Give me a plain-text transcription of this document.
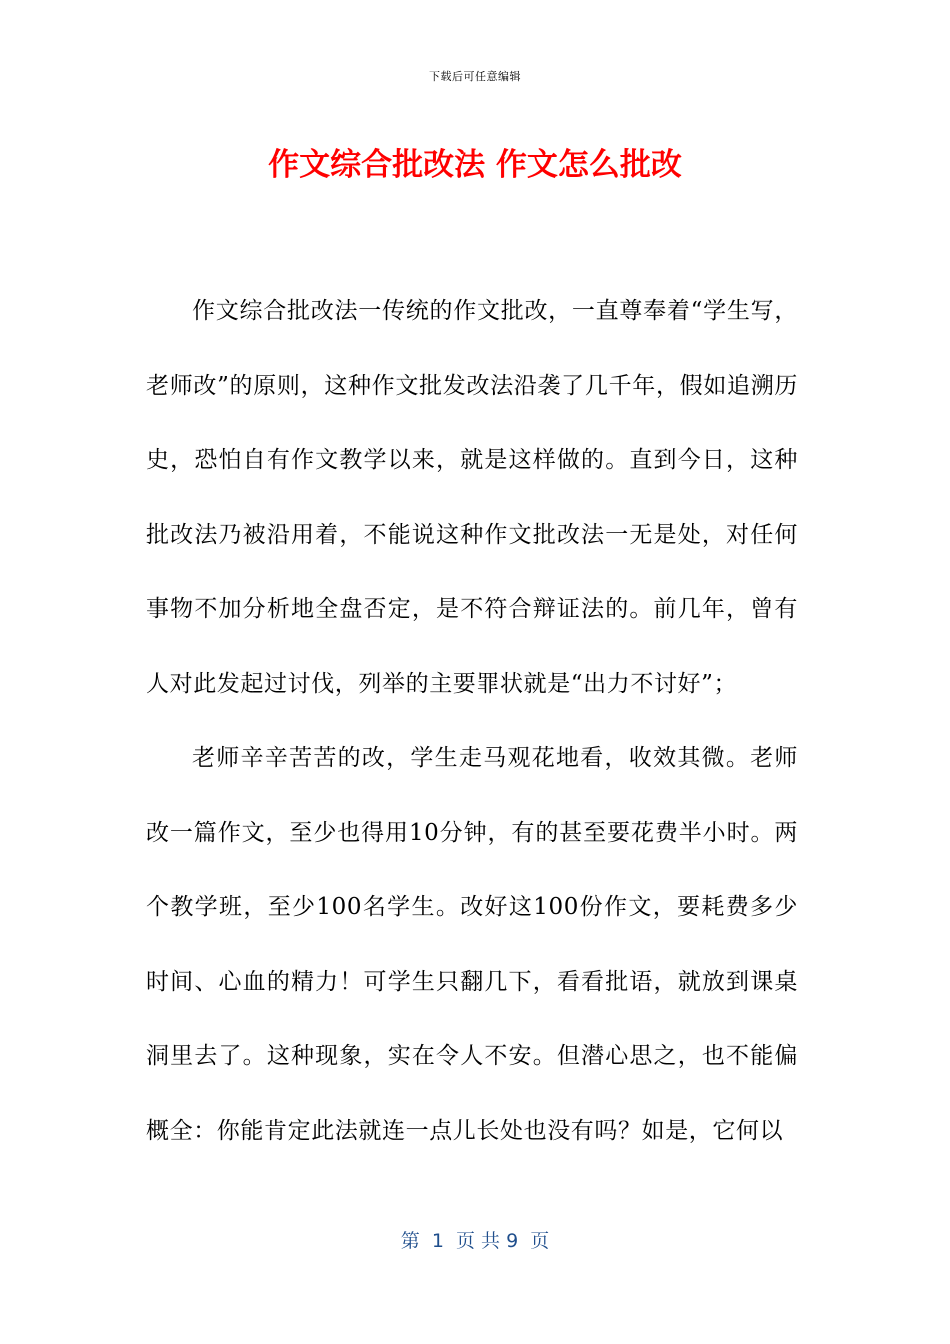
下载后可任意编辑
作文综合批改法 作文怎么批改

作文综合批改法一传统的作文批改，一直尊奉着“学生写，老师改”的原则，这种作文批发改法沿袭了几千年，假如追溯历史，恐怕自有作文教学以来，就是这样做的。直到今日，这种批改法乃被沿用着，不能说这种作文批改法一无是处，对任何事物不加分析地全盘否定，是不符合辩证法的。前几年，曾有人对此发起过讨伐，列举的主要罪状就是“出力不讨好”；

老师辛辛苦苦的改，学生走马观花地看，收效其微。老师改一篇作文，至少也得用10分钟，有的甚至要花费半小时。两个教学班，至少100名学生。改好这100份作文，要耗费多少时间、心血的精力！可学生只翻几下，看看批语，就放到课桌洞里去了。这种现象，实在令人不安。但潜心思之，也不能偏概全：你能肯定此法就连一点儿长处也没有吗？如是，它何以

第  1  页 共 9  页
